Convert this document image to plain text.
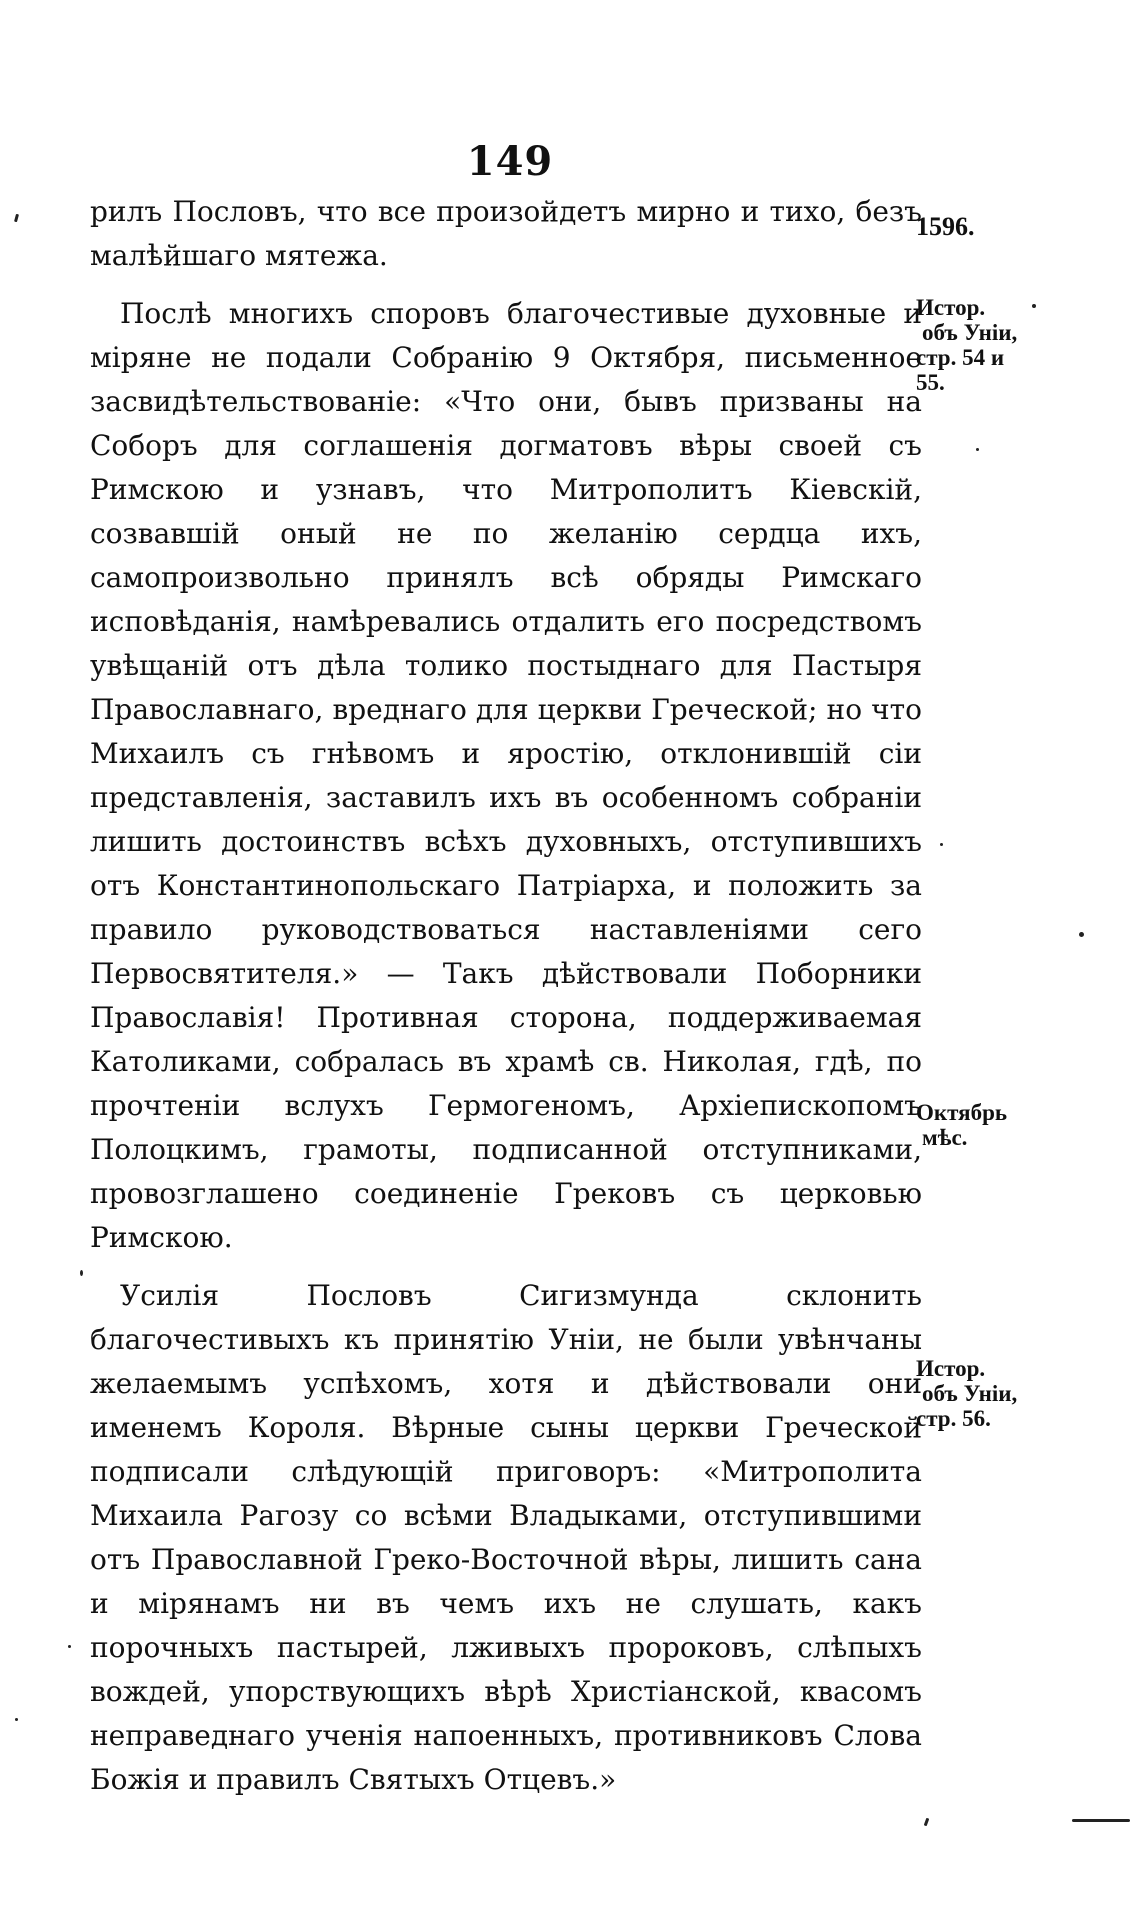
149

рилъ Пословъ, что все произойдетъ мирно и тихо, безъ малѣйшаго мятежа.

Послѣ многихъ споровъ благочестивые духовные и міряне не подали Собранію 9 Октября, письменное засвидѣтельствованіе: «Что они, бывъ призваны на Соборъ для соглашенія догматовъ вѣры своей съ Римскою и узнавъ, что Митрополитъ Кіевскій, созвавшій оный не по желанію сердца ихъ, самопроизвольно принялъ всѣ обряды Римскаго исповѣданія, намѣревались отдалить его посредствомъ увѣщаній отъ дѣла толико постыднаго для Пастыря Православнаго, вреднаго для церкви Греческой; но что Михаилъ съ гнѣвомъ и яростію, отклонившій сіи представленія, заставилъ ихъ въ особенномъ собраніи лишить достоинствъ всѣхъ духовныхъ, отступившихъ отъ Константинопольскаго Патріарха, и положить за правило руководствоваться наставленіями сего Первосвятителя.» — Такъ дѣйствовали Поборники Православія! Противная сторона, поддерживаемая Католиками, собралась въ храмѣ св. Николая, гдѣ, по прочтеніи вслухъ Гермогеномъ, Архіепископомъ Полоцкимъ, грамоты, подписанной отступниками, провозглашено соединеніе Грековъ съ церковью Римскою.

Усилія Пословъ Сигизмунда склонить благочестивыхъ къ принятію Уніи, не были увѣнчаны желаемымъ успѣхомъ, хотя и дѣйствовали они именемъ Короля. Вѣрные сыны церкви Греческой подписали слѣдующій приговоръ: «Митрополита Михаила Рагозу со всѣми Владыками, отступившими отъ Православной Греко-Восточной вѣры, лишить сана и мірянамъ ни въ чемъ ихъ не слушать, какъ порочныхъ пастырей, лживыхъ пророковъ, слѣпыхъ вождей, упорствующихъ вѣрѣ Христіанской, квасомъ неправеднаго ученія напоенныхъ, противниковъ Слова Божія и правилъ Святыхъ Отцевъ.»

1596.
Истор.
объ Уніи,
стр. 54 и
55.
Октябрь
мѣс.
Истор.
объ Уніи,
стр. 56.
